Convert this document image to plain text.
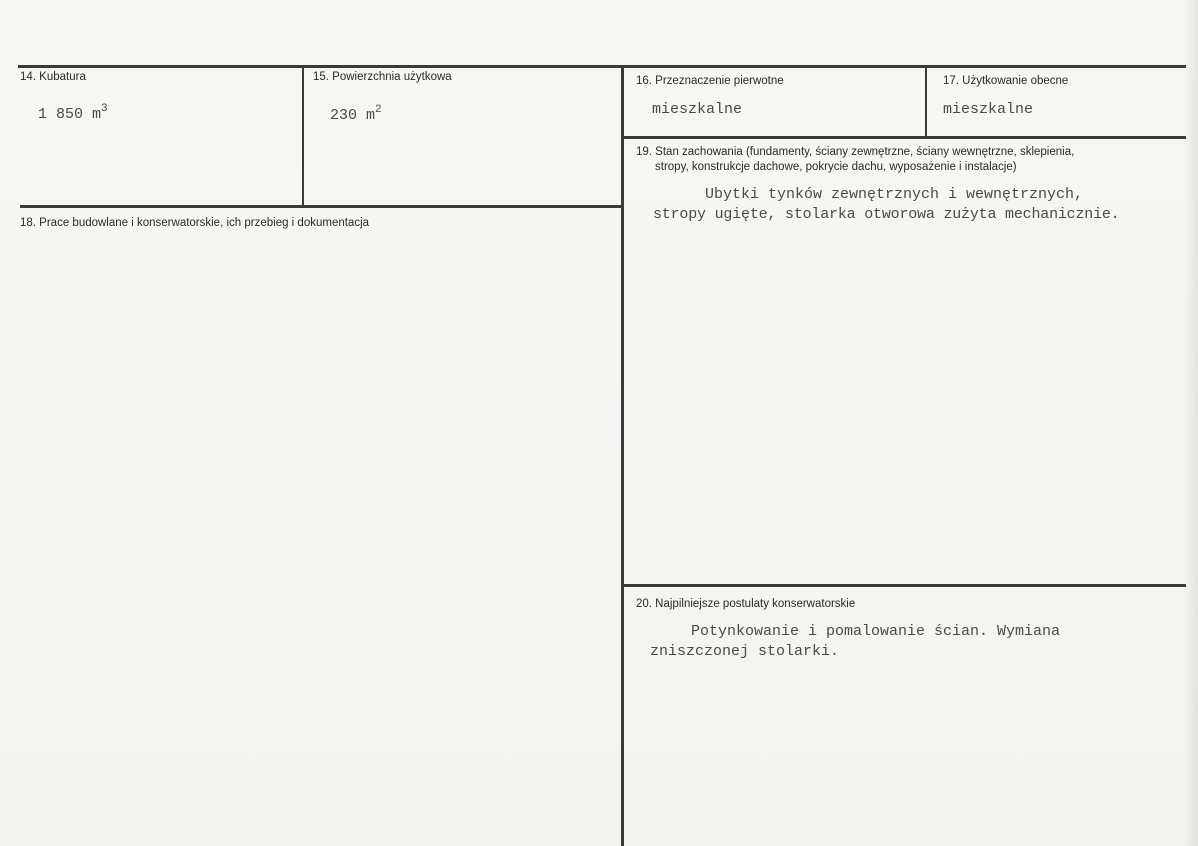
14. Kubatura
1 850 $m^3$
15. Powierzchnia użytkowa
230 $m^2$
16. Przeznaczenie pierwotne
mieszkalne
17. Użytkowanie obecne
mieszkalne
18. Prace budowlane i konserwatorskie, ich przebieg i dokumentacja
19. Stan zachowania (fundamenty, ściany zewnętrzne, ściany wewnętrzne, sklepienia,
stropy, konstrukcje dachowe, pokrycie dachu, wyposażenie i instalacje)
Ubytki tynków zewnętrznych i wewnętrznych,
stropy ugięte, stolarka otworowa zużyta mechanicznie.
20. Najpilniejsze postulaty konserwatorskie
Potynkowanie i pomalowanie ścian. Wymiana
zniszczonej stolarki.
